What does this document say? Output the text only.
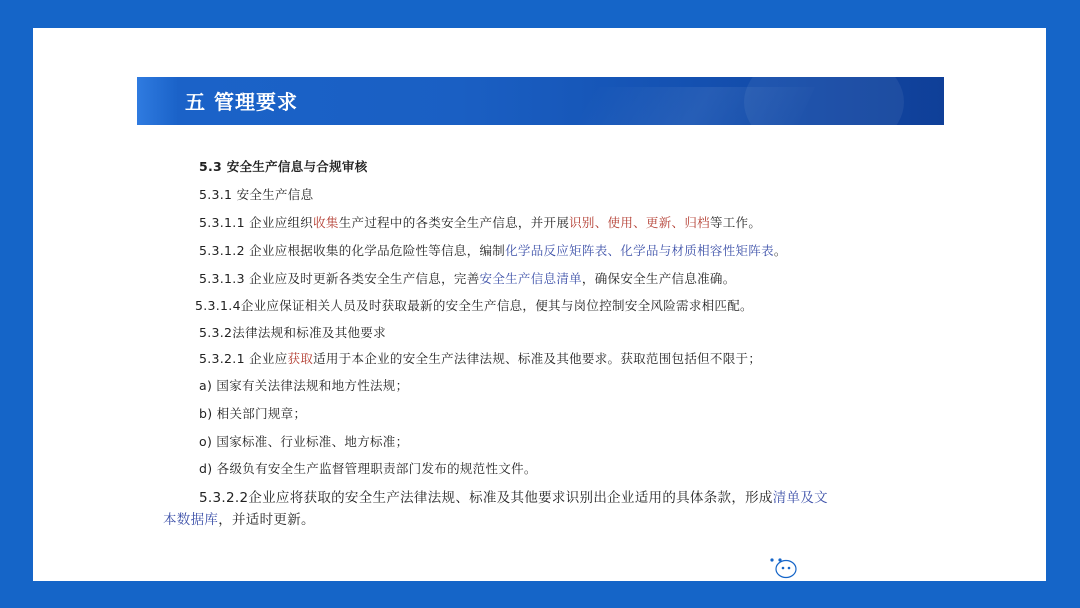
五 管理要求
5.3 安全生产信息与合规审核
5.3.1 安全生产信息
5.3.1.1 企业应组织收集生产过程中的各类安全生产信息，并开展识别、使用、更新、归档等工作。
5.3.1.2 企业应根据收集的化学品危险性等信息，编制化学品反应矩阵表、化学品与材质相容性矩阵表。
5.3.1.3 企业应及时更新各类安全生产信息，完善安全生产信息清单，确保安全生产信息准确。
5.3.1.4企业应保证相关人员及时获取最新的安全生产信息，便其与岗位控制安全风险需求相匹配。
5.3.2法律法规和标准及其他要求
5.3.2.1 企业应获取适用于本企业的安全生产法律法规、标准及其他要求。获取范围包括但不限于；
a) 国家有关法律法规和地方性法规；
b) 相关部门规章；
o) 国家标准、行业标准、地方标准；
d) 各级负有安全生产监督管理职责部门发布的规范性文件。
5.3.2.2企业应将获取的安全生产法律法规、标准及其他要求识别出企业适用的具体条款，形成清单及文
本数据库，并适时更新。
公众号 · ABC安全
